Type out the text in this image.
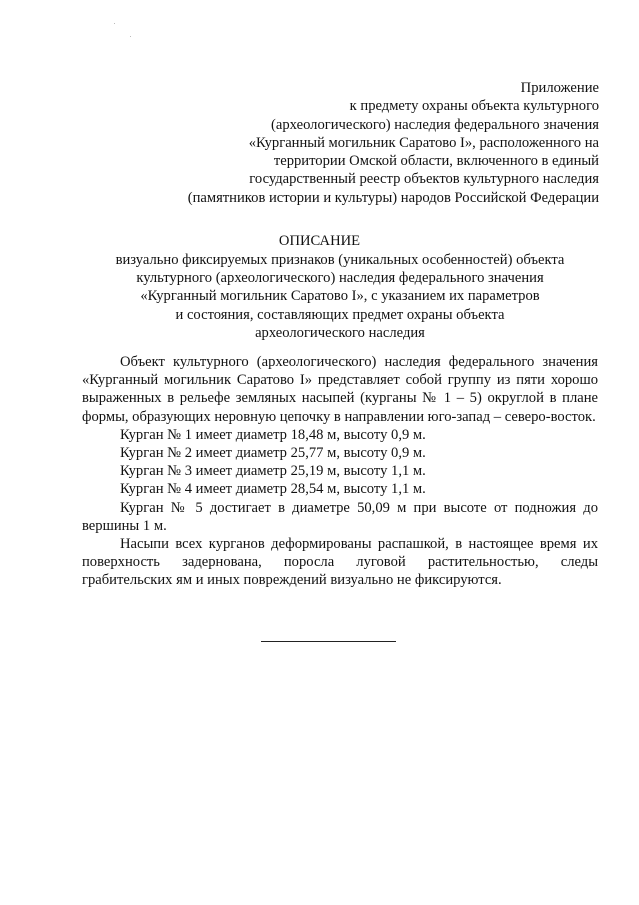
Приложение
к предмету охраны объекта культурного
(археологического) наследия федерального значения
«Курганный могильник Саратово I», расположенного на
территории Омской области, включенного в единый
государственный реестр объектов культурного наследия
(памятников истории и культуры) народов Российской Федерации
ОПИСАНИЕ
визуально фиксируемых признаков (уникальных особенностей) объекта
культурного (археологического) наследия федерального значения
«Курганный могильник Саратово I», с указанием их параметров
и состояния, составляющих предмет охраны объекта
археологического наследия

Объект культурного (археологического) наследия федерального значения «Курганный могильник Саратово I» представляет собой группу из пяти хорошо выраженных в рельефе земляных насыпей (курганы № 1 – 5) округлой в плане формы, образующих неровную цепочку в направлении юго-запад – северо-восток.

Курган № 1 имеет диаметр 18,48 м, высоту 0,9 м.

Курган № 2 имеет диаметр 25,77 м, высоту 0,9 м.

Курган № 3 имеет диаметр 25,19 м, высоту 1,1 м.

Курган № 4 имеет диаметр 28,54 м, высоту 1,1 м.

Курган № 5 достигает в диаметре 50,09 м при высоте от подножия до вершины 1 м.

Насыпи всех курганов деформированы распашкой, в настоящее время их поверхность задернована, поросла луговой растительностью, следы грабительских ям и иных повреждений визуально не фиксируются.
